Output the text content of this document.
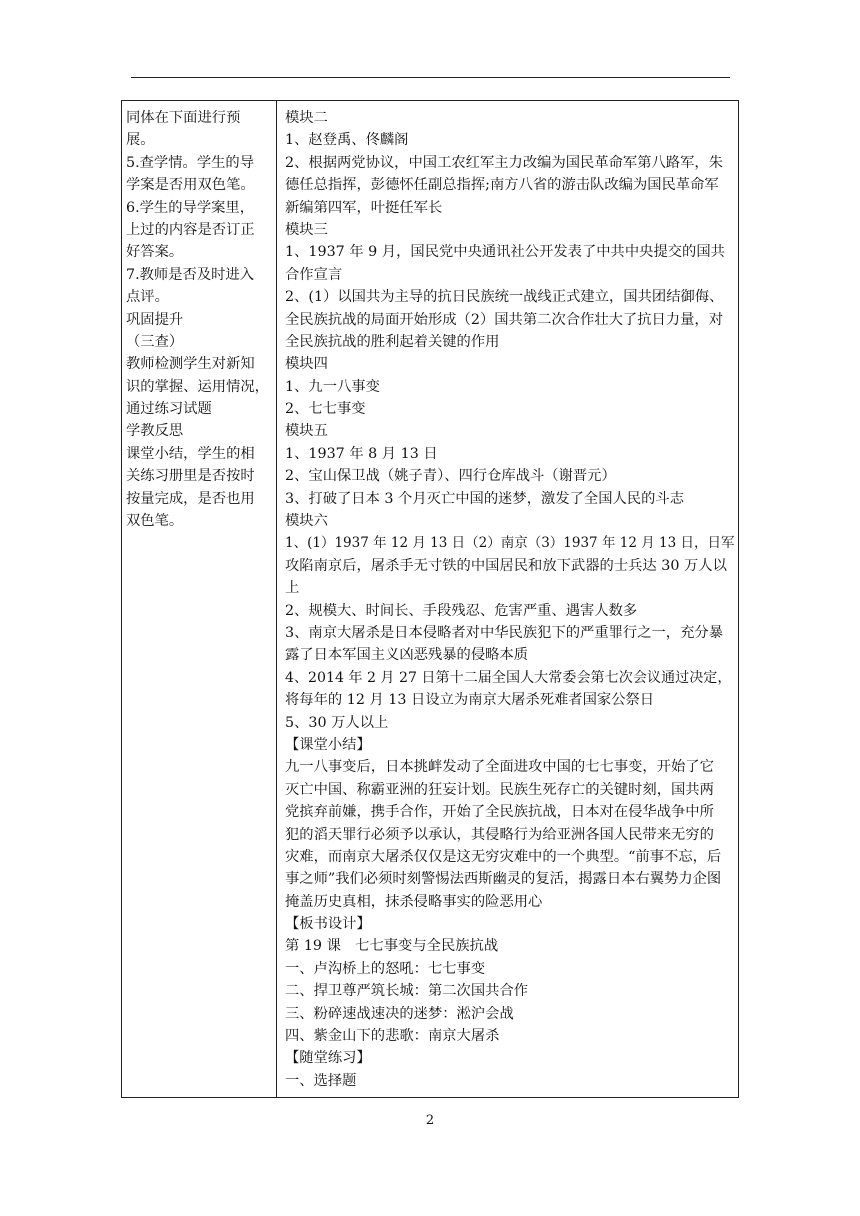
同体在下面进行预
展。
5.查学情。学生的导
学案是否用双色笔。
6.学生的导学案里，
上过的内容是否订正
好答案。
7.教师是否及时进入
点评。
巩固提升
（三查）
教师检测学生对新知
识的掌握、运用情况，
通过练习试题
学教反思
课堂小结，学生的相
关练习册里是否按时
按量完成，是否也用
双色笔。
模块二
1、赵登禹、佟麟阁
2、根据两党协议，中国工农红军主力改编为国民革命军第八路军，朱
德任总指挥，彭德怀任副总指挥;南方八省的游击队改编为国民革命军
新编第四军，叶挺任军长
模块三
1、1937 年 9 月，国民党中央通讯社公开发表了中共中央提交的国共
合作宣言
2、(1）以国共为主导的抗日民族统一战线正式建立，国共团结御侮、
全民族抗战的局面开始形成（2）国共第二次合作壮大了抗日力量，对
全民族抗战的胜利起着关键的作用
模块四
1、九一八事变
2、七七事变
模块五
1、1937 年 8 月 13 日
2、宝山保卫战（姚子青）、四行仓库战斗（谢晋元）
3、打破了日本 3 个月灭亡中国的迷梦，激发了全国人民的斗志
模块六
1、(1）1937 年 12 月 13 日（2）南京（3）1937 年 12 月 13 日，日军
攻陷南京后，屠杀手无寸铁的中国居民和放下武器的士兵达 30 万人以
上
2、规模大、时间长、手段残忍、危害严重、遇害人数多
3、南京大屠杀是日本侵略者对中华民族犯下的严重罪行之一，充分暴
露了日本军国主义凶恶残暴的侵略本质
4、2014 年 2 月 27 日第十二届全国人大常委会第七次会议通过决定，
将每年的 12 月 13 日设立为南京大屠杀死难者国家公祭日
5、30 万人以上
【课堂小结】
九一八事变后，日本挑衅发动了全面进攻中国的七七事变，开始了它
灭亡中国、称霸亚洲的狂妄计划。民族生死存亡的关键时刻，国共两
党摈弃前嫌，携手合作，开始了全民族抗战，日本对在侵华战争中所
犯的滔天罪行必须予以承认，其侵略行为给亚洲各国人民带来无穷的
灾难，而南京大屠杀仅仅是这无穷灾难中的一个典型。“前事不忘，后
事之师”我们必须时刻警惕法西斯幽灵的复活，揭露日本右翼势力企图
掩盖历史真相，抹杀侵略事实的险恶用心
【板书设计】
第 19 课　七七事变与全民族抗战
一、卢沟桥上的怒吼：七七事变
二、捍卫尊严筑长城：第二次国共合作
三、粉碎速战速决的迷梦：淞沪会战
四、紫金山下的悲歌：南京大屠杀
【随堂练习】
一、选择题
2
